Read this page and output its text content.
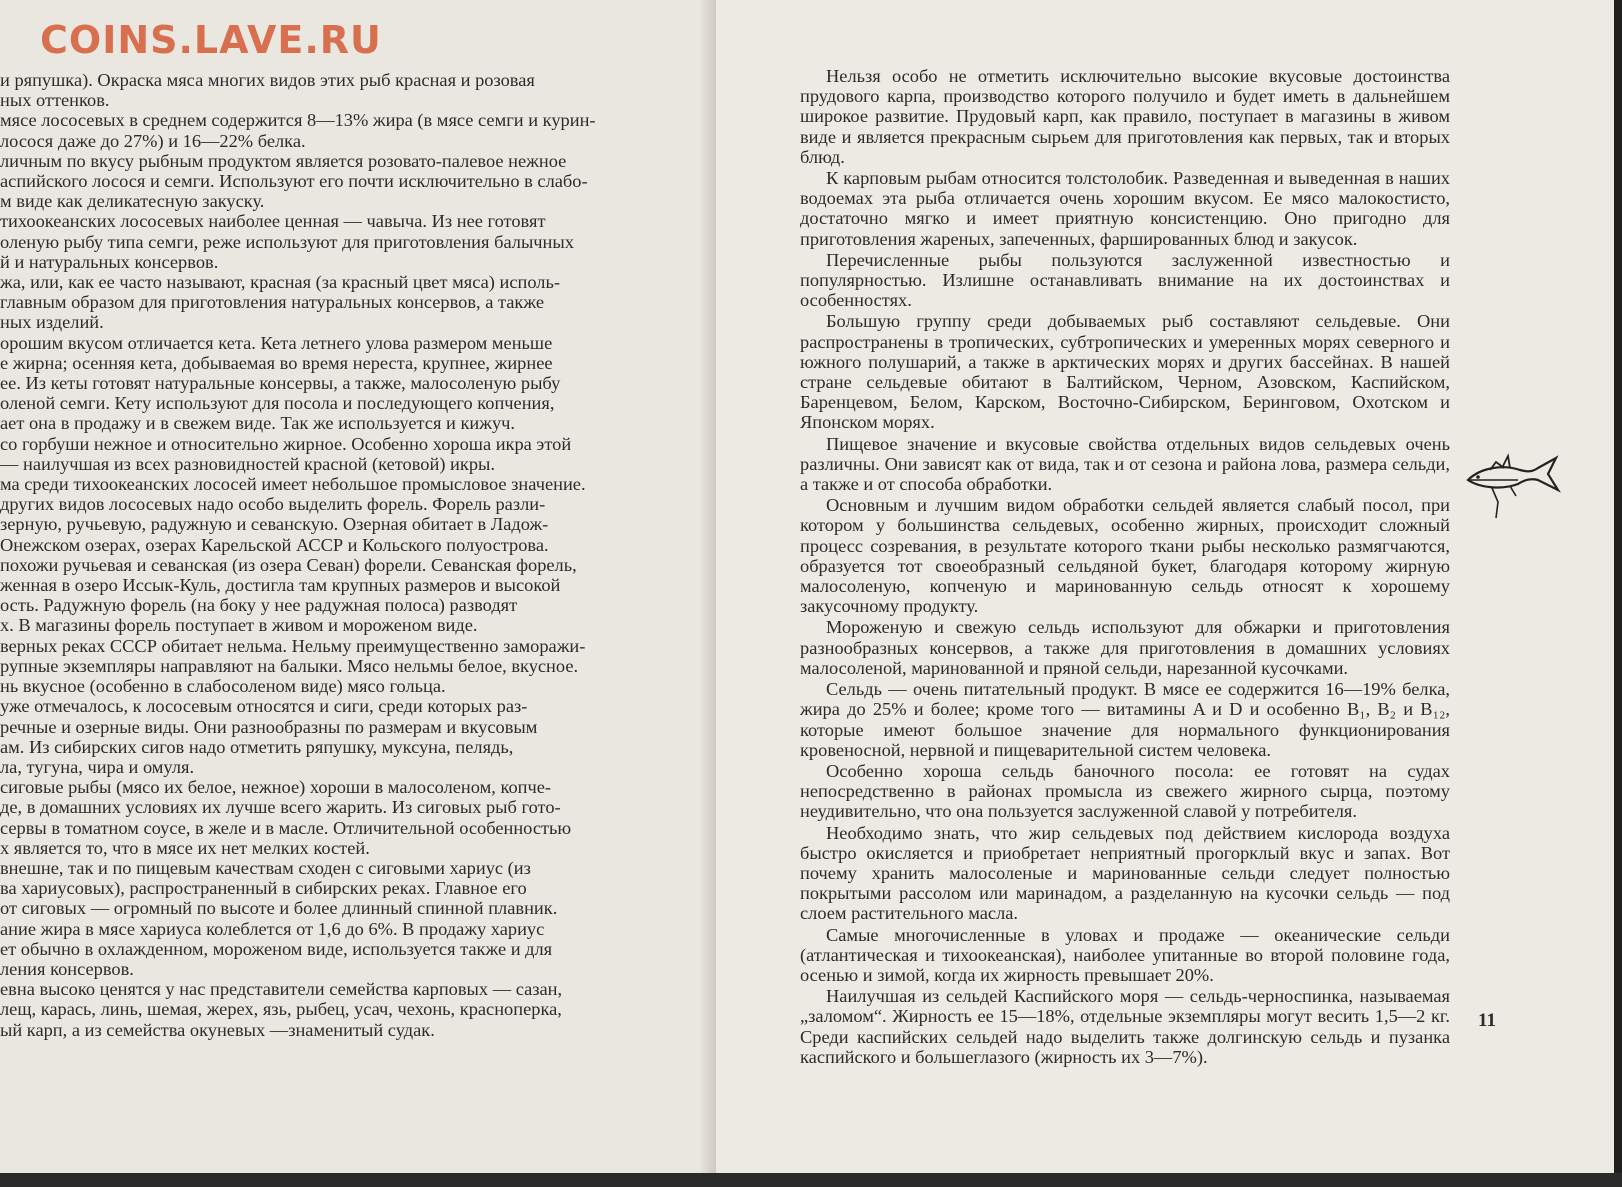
и ряпушка). Окраска мяса многих видов этих рыб красная и розовая

ных оттенков.

мясе лососевых в среднем содержится 8—13% жира (в мясе семги и курин-

лосося даже до 27%) и 16—22% белка.

личным по вкусу рыбным продуктом является розовато-палевое нежное

аспийского лосося и семги. Используют его почти исключительно в слабо-

м виде как деликатесную закуску.

тихоокеанских лососевых наиболее ценная — чавыча. Из нее готовят

оленую рыбу типа семги, реже используют для приготовления балычных

й и натуральных консервов.

жа, или, как ее часто называют, красная (за красный цвет мяса) исполь-

главным образом для приготовления натуральных консервов, а также

ных изделий.

орошим вкусом отличается кета. Кета летнего улова размером меньше

е жирна; осенняя кета, добываемая во время нереста, крупнее, жирнее

ее. Из кеты готовят натуральные консервы, а также, малосоленую рыбу

оленой семги. Кету используют для посола и последующего копчения,

ает она в продажу и в свежем виде. Так же используется и кижуч.

со горбуши нежное и относительно жирное. Особенно хороша икра этой

— наилучшая из всех разновидностей красной (кетовой) икры.

ма среди тихоокеанских лососей имеет небольшое промысловое значение.

других видов лососевых надо особо выделить форель. Форель разли-

зерную, ручьевую, радужную и севанскую. Озерная обитает в Ладож-

Онежском озерах, озерах Карельской АССР и Кольского полуострова.

похожи ручьевая и севанская (из озера Севан) форели. Севанская форель,

женная в озеро Иссык-Куль, достигла там крупных размеров и высокой

ость. Радужную форель (на боку у нее радужная полоса) разводят

х. В магазины форель поступает в живом и мороженом виде.

верных реках СССР обитает нельма. Нельму преимущественно заморажи-

рупные экземпляры направляют на балыки. Мясо нельмы белое, вкусное.

нь вкусное (особенно в слабосоленом виде) мясо гольца.

уже отмечалось, к лососевым относятся и сиги, среди которых раз-

речные и озерные виды. Они разнообразны по размерам и вкусовым

ам. Из сибирских сигов надо отметить ряпушку, муксуна, пелядь,

ла, тугуна, чира и омуля.

сиговые рыбы (мясо их белое, нежное) хороши в малосоленом, копче-

де, в домашних условиях их лучше всего жарить. Из сиговых рыб гото-

сервы в томатном соусе, в желе и в масле. Отличительной особенностью

х является то, что в мясе их нет мелких костей.

внешне, так и по пищевым качествам сходен с сиговыми хариус (из

ва хариусовых), распространенный в сибирских реках. Главное его

от сиговых — огромный по высоте и более длинный спинной плавник.

ание жира в мясе хариуса колеблется от 1,6 до 6%. В продажу хариус

ет обычно в охлажденном, мороженом виде, используется также и для

ления консервов.

евна высоко ценятся у нас представители семейства карповых — сазан,

лещ, карась, линь, шемая, жерех, язь, рыбец, усач, чехонь, красноперка,

ый карп, а из семейства окуневых —знаменитый судак.

Нельзя особо не отметить исключительно высокие вкусовые достоинства прудового карпа, производство которого получило и будет иметь в дальнейшем широкое развитие. Прудовый карп, как правило, поступает в магазины в живом виде и является прекрасным сырьем для приготовления как первых, так и вторых блюд.

К карповым рыбам относится толстолобик. Разведенная и выведенная в наших водоемах эта рыба отличается очень хорошим вкусом. Ее мясо малокостисто, достаточно мягко и имеет приятную консистенцию. Оно пригодно для приготовления жареных, запеченных, фаршированных блюд и закусок.

Перечисленные рыбы пользуются заслуженной известностью и популярностью. Излишне останавливать внимание на их достоинствах и особенностях.

Большую группу среди добываемых рыб составляют сельдевые. Они распространены в тропических, субтропических и умеренных морях северного и южного полушарий, а также в арктических морях и других бассейнах. В нашей стране сельдевые обитают в Балтийском, Черном, Азовском, Каспийском, Баренцевом, Белом, Карском, Восточно-Сибирском, Беринговом, Охотском и Японском морях.

Пищевое значение и вкусовые свойства отдельных видов сельдевых очень различны. Они зависят как от вида, так и от сезона и района лова, размера сельди, а также и от способа обработки.

Основным и лучшим видом обработки сельдей является слабый посол, при котором у большинства сельдевых, особенно жирных, происходит сложный процесс созревания, в результате которого ткани рыбы несколько размягчаются, образуется тот своеобразный сельдяной букет, благодаря которому жирную малосоленую, копченую и маринованную сельдь относят к хорошему закусочному продукту.

Мороженую и свежую сельдь используют для обжарки и приготовления разнообразных консервов, а также для приготовления в домашних условиях малосоленой, маринованной и пряной сельди, нарезанной кусочками.

Сельдь — очень питательный продукт. В мясе ее содержится 16—19% белка, жира до 25% и более; кроме того — витамины A и D и особенно B₁, B₂ и B₁₂, которые имеют большое значение для нормального функционирования кровеносной, нервной и пищеварительной систем человека.

Особенно хороша сельдь баночного посола: ее готовят на судах непосредственно в районах промысла из свежего жирного сырца, поэтому неудивительно, что она пользуется заслуженной славой у потребителя.

Необходимо знать, что жир сельдевых под действием кислорода воздуха быстро окисляется и приобретает неприятный прогорклый вкус и запах. Вот почему хранить малосоленые и маринованные сельди следует полностью покрытыми рассолом или маринадом, а разделанную на кусочки сельдь — под слоем растительного масла.

Самые многочисленные в уловах и продаже — океанические сельди (атлантическая и тихоокеанская), наиболее упитанные во второй половине года, осенью и зимой, когда их жирность превышает 20%.

Наилучшая из сельдей Каспийского моря — сельдь-черноспинка, называемая „заломом“. Жирность ее 15—18%, отдельные экземпляры могут весить 1,5—2 кг. Среди каспийских сельдей надо выделить также долгинскую сельдь и пузанка каспийского и большеглазого (жирность их 3—7%).

11
COINS.LAVE.RU
